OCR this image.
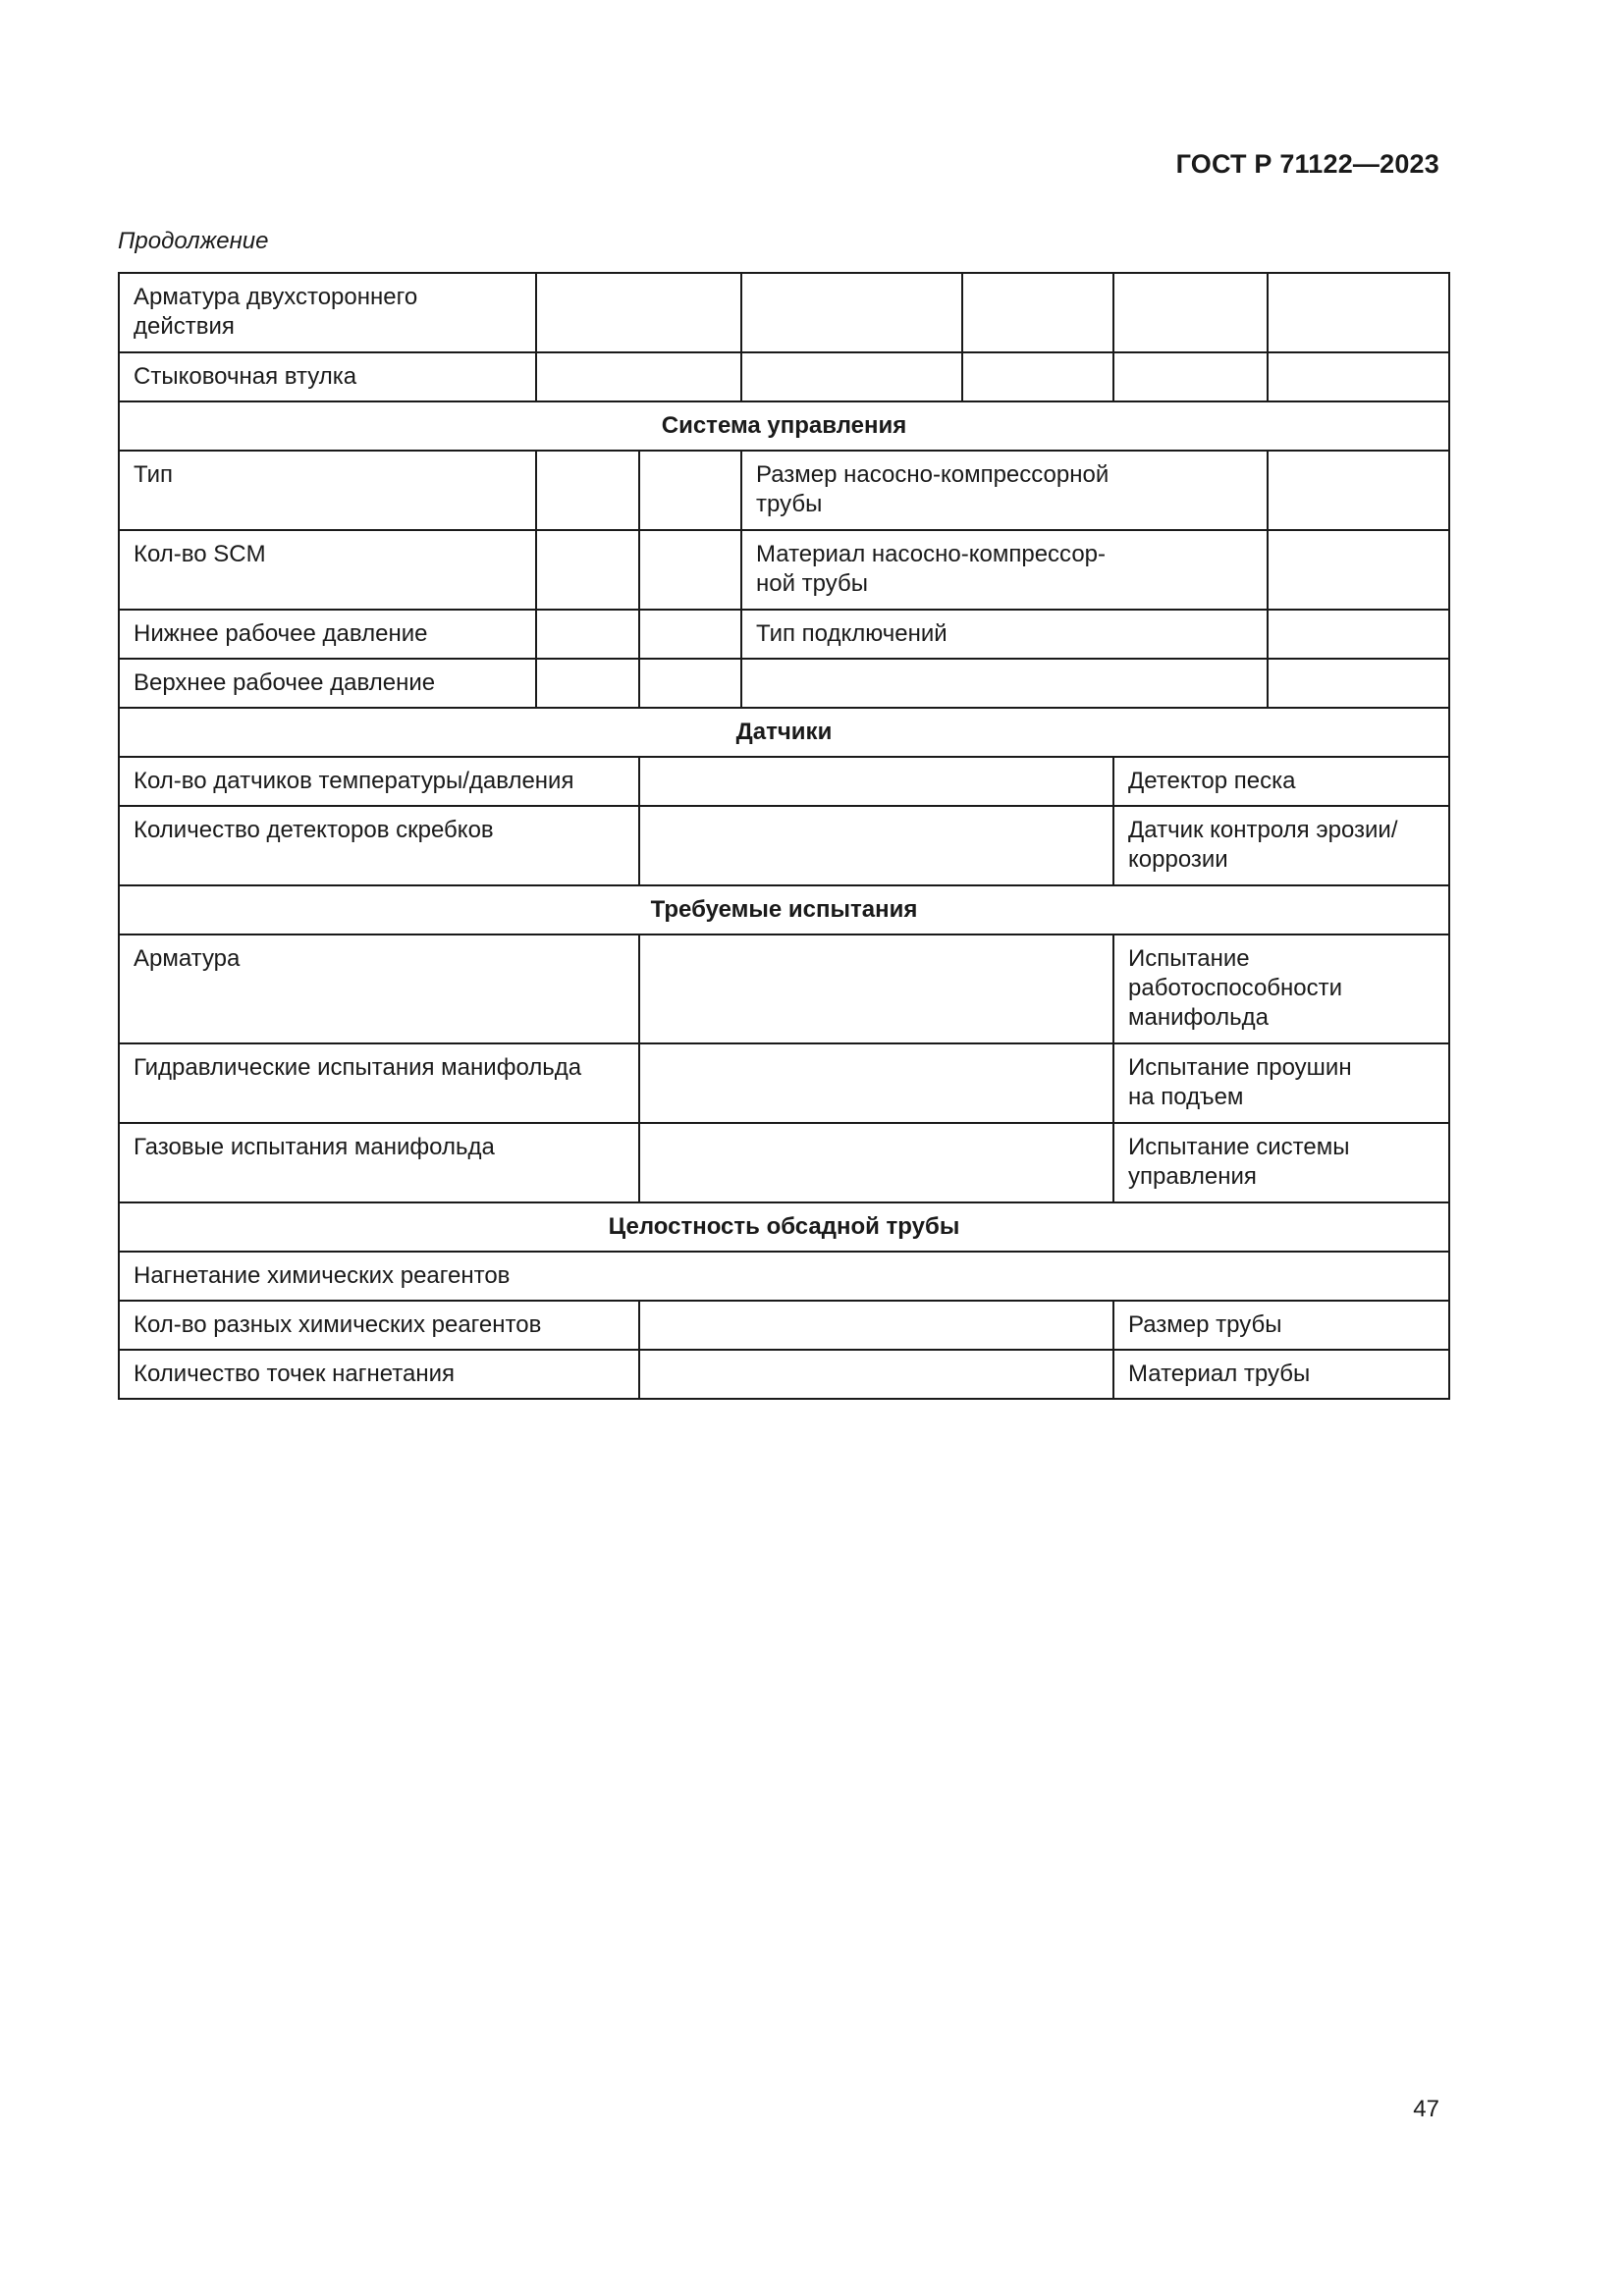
ГОСТ Р 71122—2023
Продолжение
Арматура двухстороннего
действия						
Стыковочная втулка						
Система управления						
Тип			Размер насосно-компрессорной
трубы			
Кол-во SCM			Материал насосно-компрессор-
ной трубы			
Нижнее рабочее давление			Тип подключений			
Верхнее рабочее давление						
Датчики						
Кол-во датчиков температуры/давления					Детектор песка	
Количество детекторов скребков					Датчик контроля эрозии/
коррозии	
Требуемые испытания						
Арматура					Испытание
работоспособности
манифольда	
Гидравлические испытания манифольда					Испытание проушин
на подъем	
Газовые испытания манифольда					Испытание системы
управления	
Целостность обсадной трубы						
Нагнетание химических реагентов						
Кол-во разных химических реагентов					Размер трубы	
Количество точек нагнетания					Материал трубы	
47
